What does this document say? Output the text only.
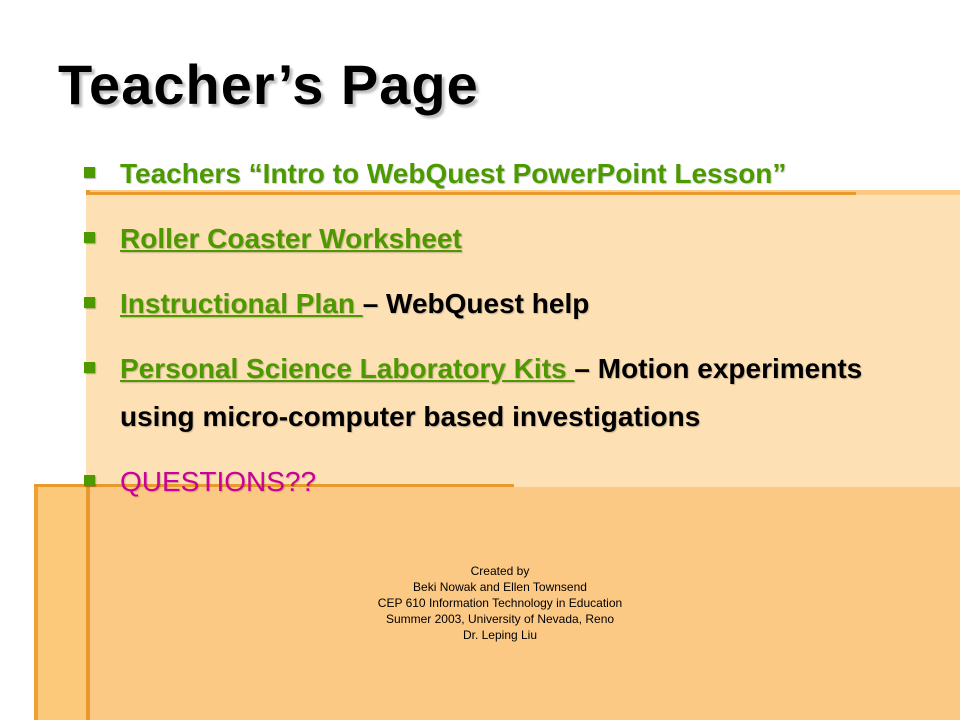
Teacher’s Page
Teachers “Intro to WebQuest PowerPoint Lesson”
Roller Coaster Worksheet
Instructional Plan – WebQuest help
Personal Science Laboratory Kits – Motion experiments using micro-computer based investigations
QUESTIONS??
Created by
Beki Nowak and Ellen Townsend
CEP 610 Information Technology in Education
Summer 2003, University of Nevada, Reno
Dr. Leping Liu
